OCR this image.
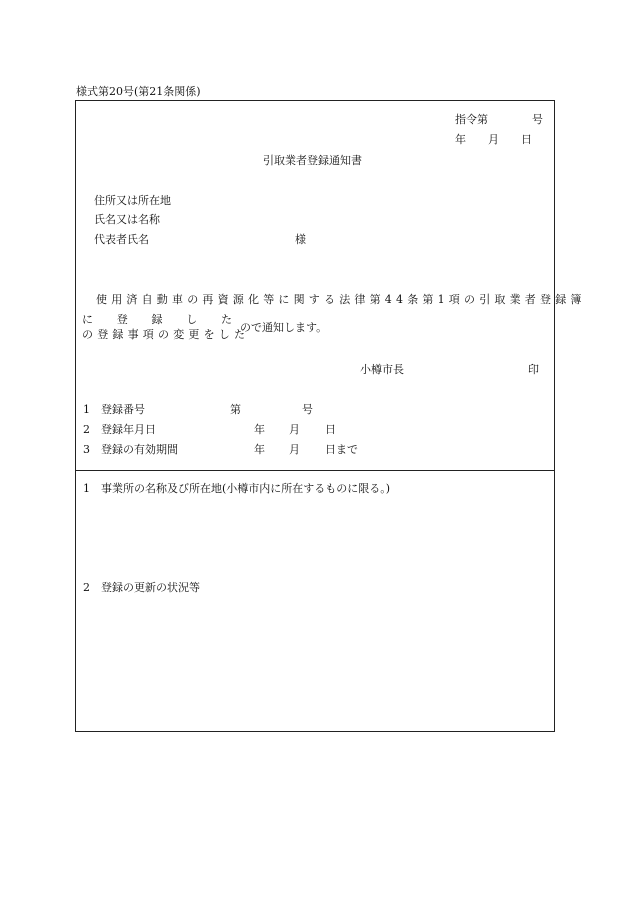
様式第20号(第21条関係)
指令第　　　　号
年　　月　　日
引取業者登録通知書
住所又は所在地
氏名又は名称
代表者氏名	様
使用済自動車の再資源化等に関する法律第44条第1項の引取業者登録簿
に 登 録 し た
の登録事項の変更をした
ので通知します。
小樽市長	印
1 登録番号	第	号
2 登録年月日	年 月 日
3 登録の有効期間	年 月 日まで
1 事業所の名称及び所在地(小樽市内に所在するものに限る。)
2 登録の更新の状況等
